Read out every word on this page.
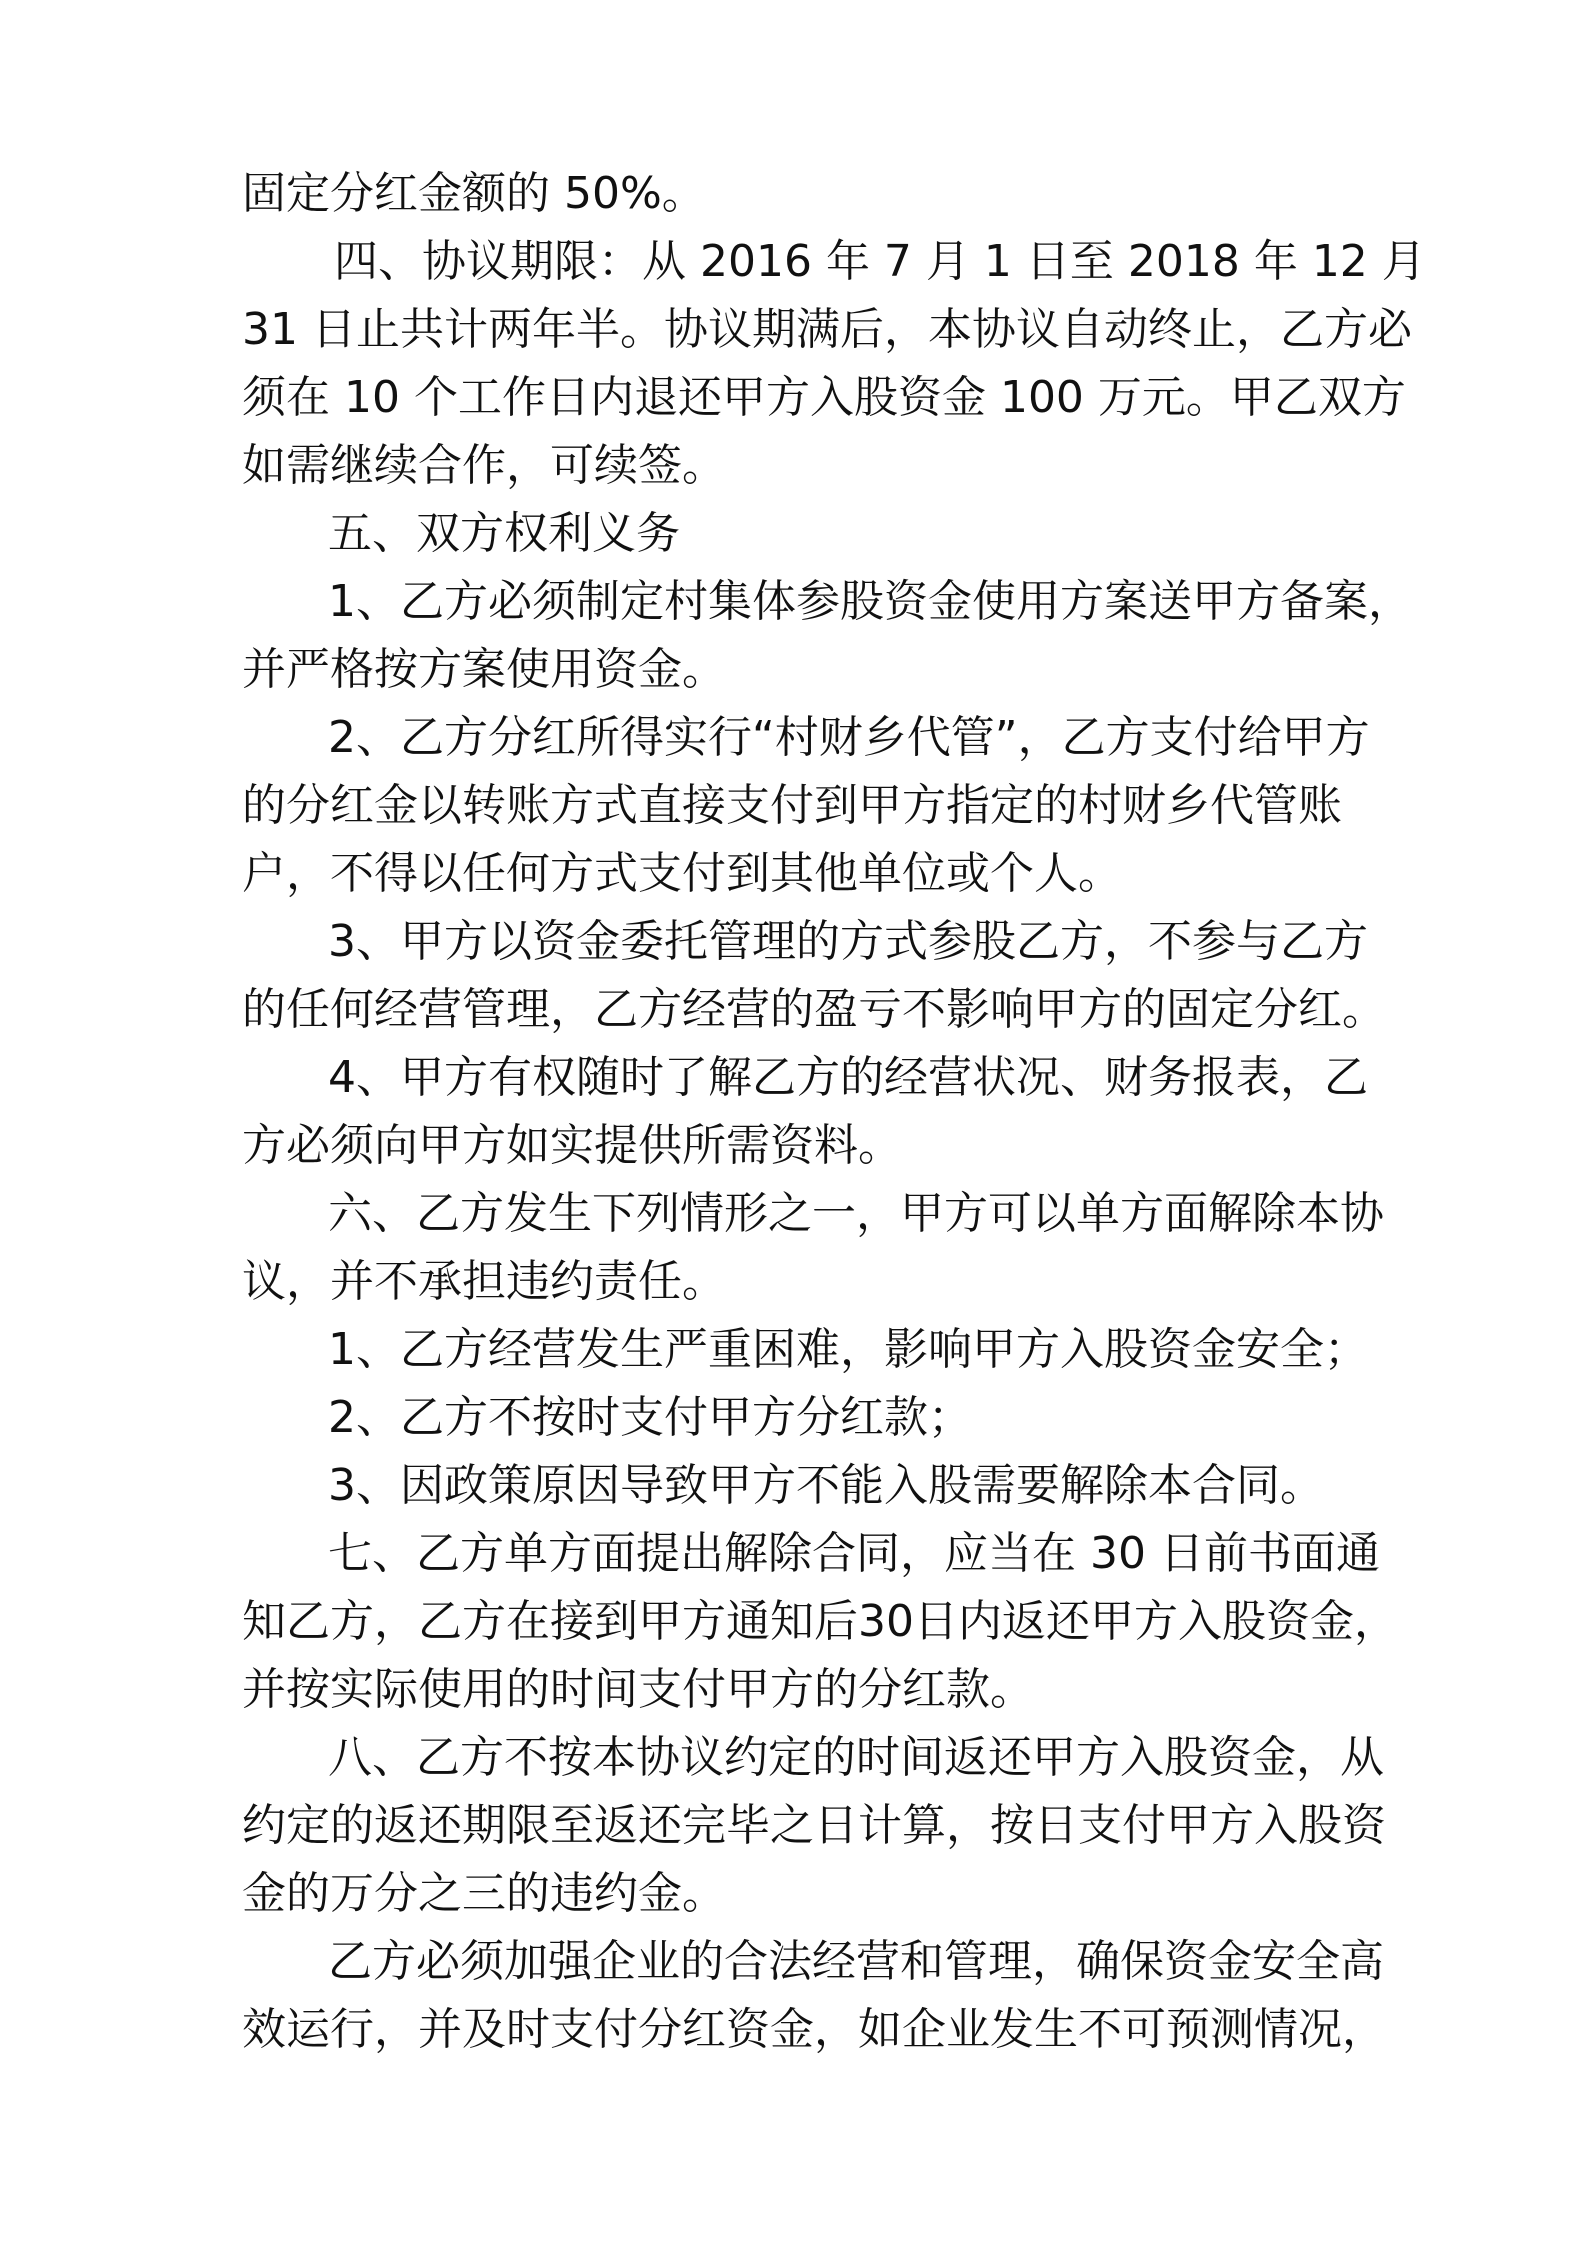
固定分红金额的 50%。
四、协议期限：从 2016 年 7 月 1 日至 2018 年 12 月
31 日止共计两年半。协议期满后，本协议自动终止，乙方必
须在 10 个工作日内退还甲方入股资金 100 万元。甲乙双方
如需继续合作，可续签。
五、双方权利义务
1、乙方必须制定村集体参股资金使用方案送甲方备案，
并严格按方案使用资金。
2、乙方分红所得实行“村财乡代管”，乙方支付给甲方
的分红金以转账方式直接支付到甲方指定的村财乡代管账
户，不得以任何方式支付到其他单位或个人。
3、甲方以资金委托管理的方式参股乙方，不参与乙方
的任何经营管理，乙方经营的盈亏不影响甲方的固定分红。
4、甲方有权随时了解乙方的经营状况、财务报表，乙
方必须向甲方如实提供所需资料。
六、乙方发生下列情形之一，甲方可以单方面解除本协
议，并不承担违约责任。
1、乙方经营发生严重困难，影响甲方入股资金安全；
2、乙方不按时支付甲方分红款；
3、因政策原因导致甲方不能入股需要解除本合同。
七、乙方单方面提出解除合同，应当在 30 日前书面通
知乙方，乙方在接到甲方通知后30日内返还甲方入股资金，
并按实际使用的时间支付甲方的分红款。
八、乙方不按本协议约定的时间返还甲方入股资金，从
约定的返还期限至返还完毕之日计算，按日支付甲方入股资
金的万分之三的违约金。
乙方必须加强企业的合法经营和管理，确保资金安全高
效运行，并及时支付分红资金，如企业发生不可预测情况，
